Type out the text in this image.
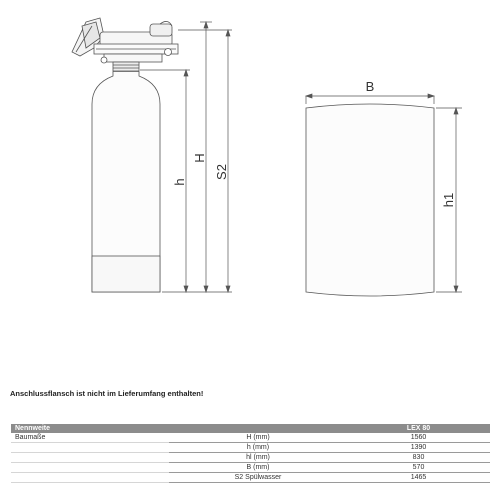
h
H
S2
B
h1
Anschlussflansch ist nicht im Lieferumfang enthalten!
Nennweite		LEX 80
Baumaße	H (mm)	1560
	h (mm)	1390
	hl (mm)	830
	B (mm)	570
	S2 Spülwasser	1465
